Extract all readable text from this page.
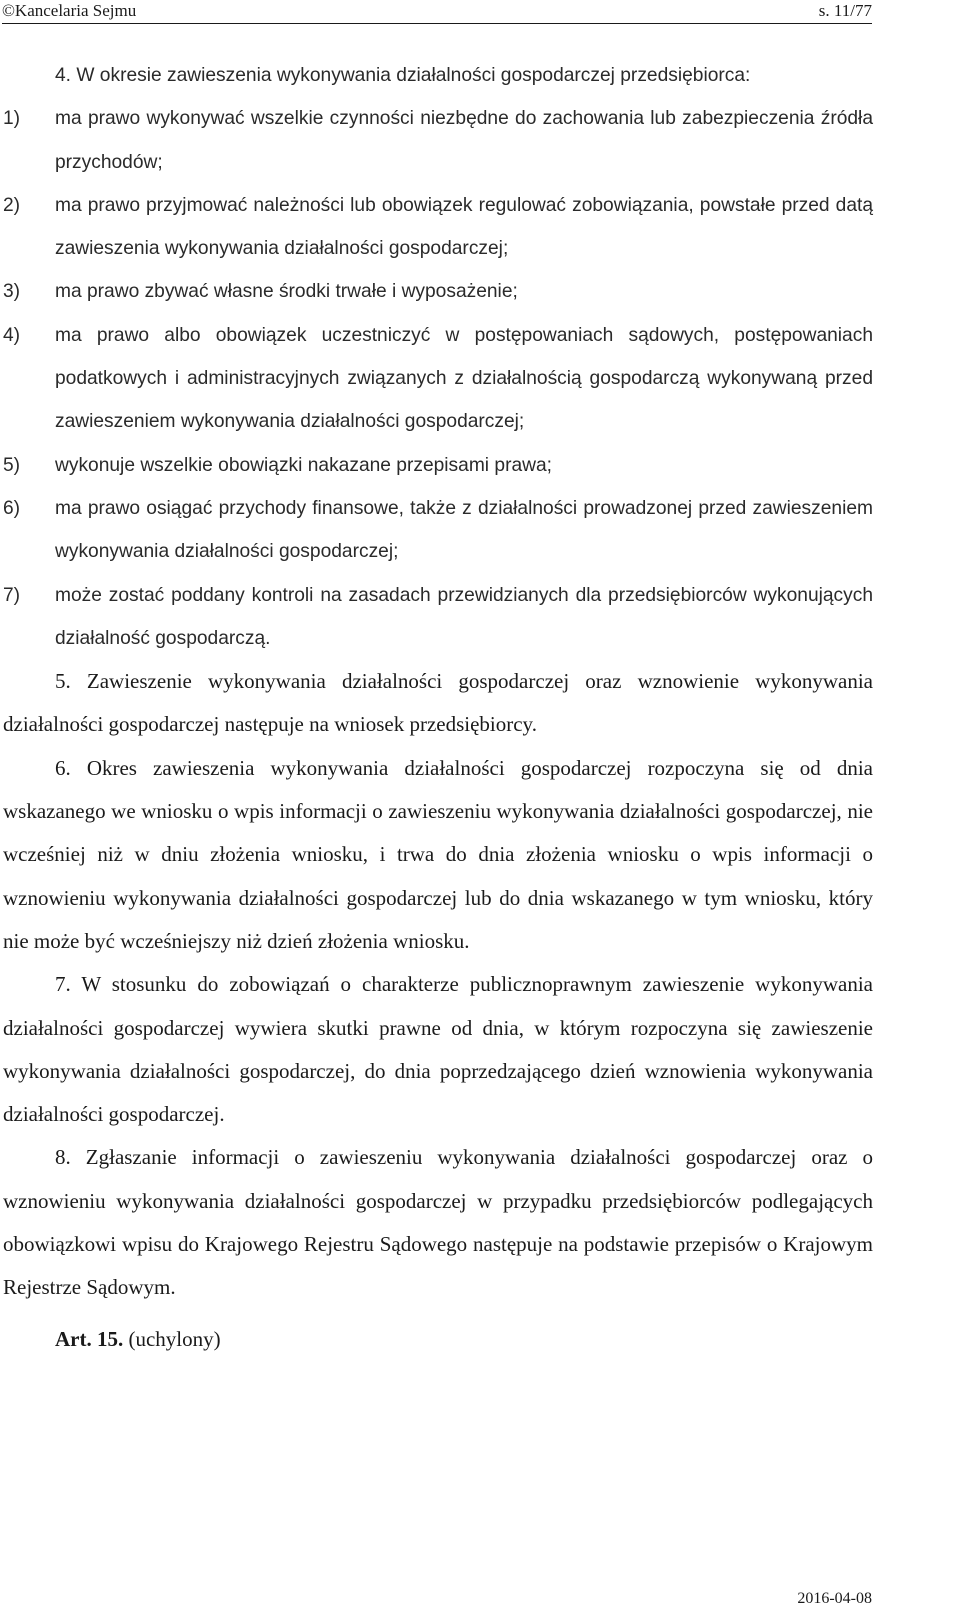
©Kancelaria Sejmu	s. 11/77

4. W okresie zawieszenia wykonywania działalności gospodarczej przedsiębiorca:

1) ma prawo wykonywać wszelkie czynności niezbędne do zachowania lub zabezpieczenia źródła przychodów;

2) ma prawo przyjmować należności lub obowiązek regulować zobowiązania, powstałe przed datą zawieszenia wykonywania działalności gospodarczej;

3) ma prawo zbywać własne środki trwałe i wyposażenie;

4) ma prawo albo obowiązek uczestniczyć w postępowaniach sądowych, postępowaniach podatkowych i administracyjnych związanych z działalnością gospodarczą wykonywaną przed zawieszeniem wykonywania działalności gospodarczej;

5) wykonuje wszelkie obowiązki nakazane przepisami prawa;

6) ma prawo osiągać przychody finansowe, także z działalności prowadzonej przed zawieszeniem wykonywania działalności gospodarczej;

7) może zostać poddany kontroli na zasadach przewidzianych dla przedsiębiorców wykonujących działalność gospodarczą.

5. Zawieszenie wykonywania działalności gospodarczej oraz wznowienie wykonywania działalności gospodarczej następuje na wniosek przedsiębiorcy.

6. Okres zawieszenia wykonywania działalności gospodarczej rozpoczyna się od dnia wskazanego we wniosku o wpis informacji o zawieszeniu wykonywania działalności gospodarczej, nie wcześniej niż w dniu złożenia wniosku, i trwa do dnia złożenia wniosku o wpis informacji o wznowieniu wykonywania działalności gospodarczej lub do dnia wskazanego w tym wniosku, który nie może być wcześniejszy niż dzień złożenia wniosku.

7. W stosunku do zobowiązań o charakterze publicznoprawnym zawieszenie wykonywania działalności gospodarczej wywiera skutki prawne od dnia, w którym rozpoczyna się zawieszenie wykonywania działalności gospodarczej, do dnia poprzedzającego dzień wznowienia wykonywania działalności gospodarczej.

8. Zgłaszanie informacji o zawieszeniu wykonywania działalności gospodarczej oraz o wznowieniu wykonywania działalności gospodarczej w przypadku przedsiębiorców podlegających obowiązkowi wpisu do Krajowego Rejestru Sądowego następuje na podstawie przepisów o Krajowym Rejestrze Sądowym.

Art. 15. (uchylony)

2016-04-08
